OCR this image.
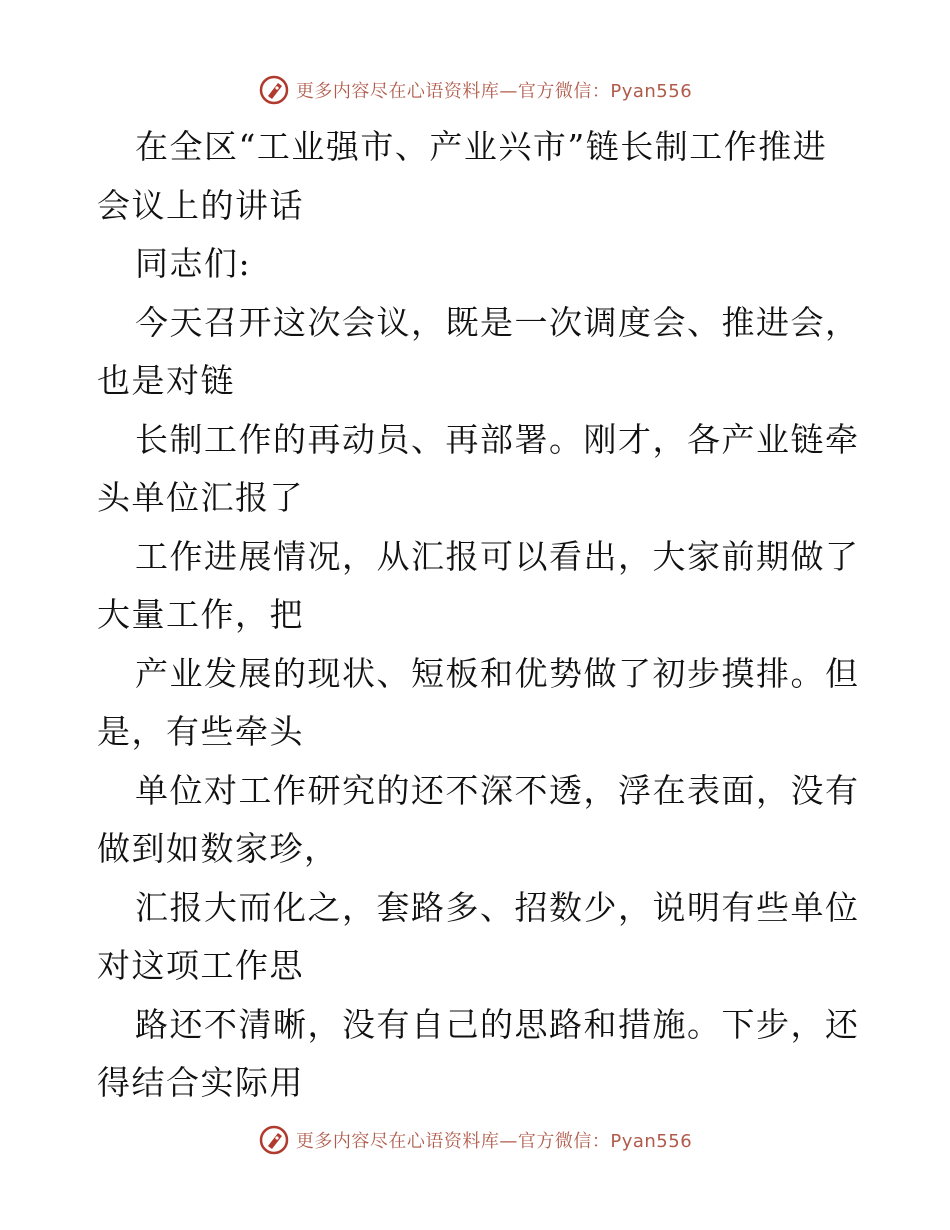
更多内容尽在心语资料库—官方微信：Pyan556
在全区“工业强市、产业兴市”链长制工作推进
会议上的讲话
同志们:
今天召开这次会议，既是一次调度会、推进会，
也是对链
长制工作的再动员、再部署。刚才，各产业链牵
头单位汇报了
工作进展情况，从汇报可以看出，大家前期做了
大量工作，把
产业发展的现状、短板和优势做了初步摸排。但
是，有些牵头
单位对工作研究的还不深不透，浮在表面，没有
做到如数家珍，
汇报大而化之，套路多、招数少，说明有些单位
对这项工作思
路还不清晰，没有自己的思路和措施。下步，还
得结合实际用
更多内容尽在心语资料库—官方微信：Pyan556
